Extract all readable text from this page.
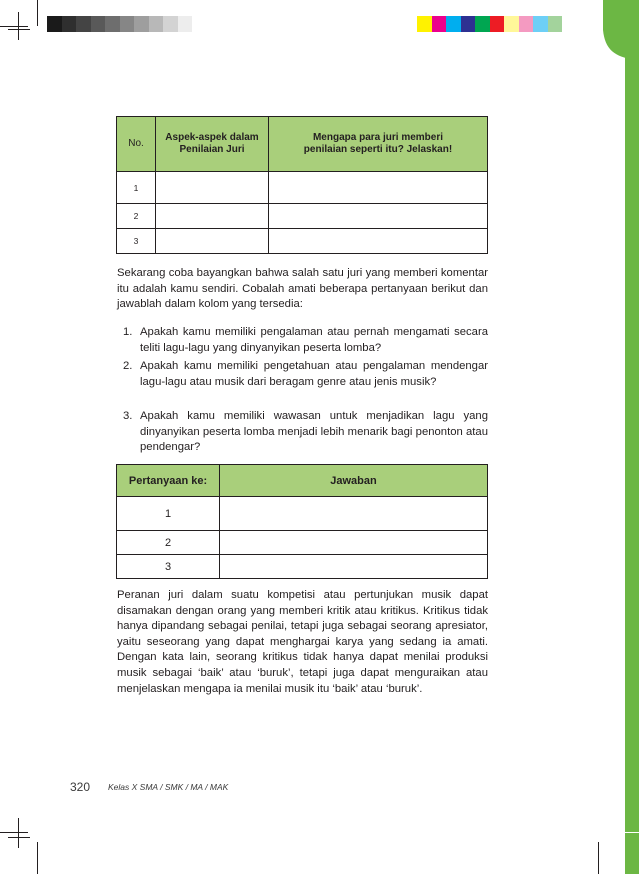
No.	Aspek-aspek dalam Penilaian Juri	Mengapa para juri memberi penilaian seperti itu? Jelaskan!
1		
2		
3		
Sekarang coba bayangkan bahwa salah satu juri yang memberi komentar itu adalah kamu sendiri. Cobalah amati beberapa pertanyaan berikut dan jawablah dalam kolom yang tersedia:
1. Apakah kamu memiliki pengalaman atau pernah mengamati secara teliti lagu-lagu yang dinyanyikan peserta lomba?
2. Apakah kamu memiliki pengetahuan atau pengalaman mendengar lagu-lagu atau musik dari beragam genre atau jenis musik?
3. Apakah kamu memiliki wawasan untuk menjadikan lagu yang dinyanyikan peserta lomba menjadi lebih menarik bagi penonton atau pendengar?
Pertanyaan ke:	Jawaban
1	
2	
3	
Peranan juri dalam suatu kompetisi atau pertunjukan musik dapat disamakan dengan orang yang memberi kritik atau kritikus. Kritikus tidak hanya dipandang sebagai penilai, tetapi juga sebagai seorang apresiator, yaitu seseorang yang dapat menghargai karya yang sedang ia amati. Dengan kata lain, seorang kritikus tidak hanya dapat menilai produksi musik sebagai ‘baik’ atau ‘buruk’, tetapi juga dapat menguraikan atau menjelaskan mengapa ia menilai musik itu ‘baik’ atau ‘buruk’.
320 Kelas X SMA / SMK / MA / MAK
